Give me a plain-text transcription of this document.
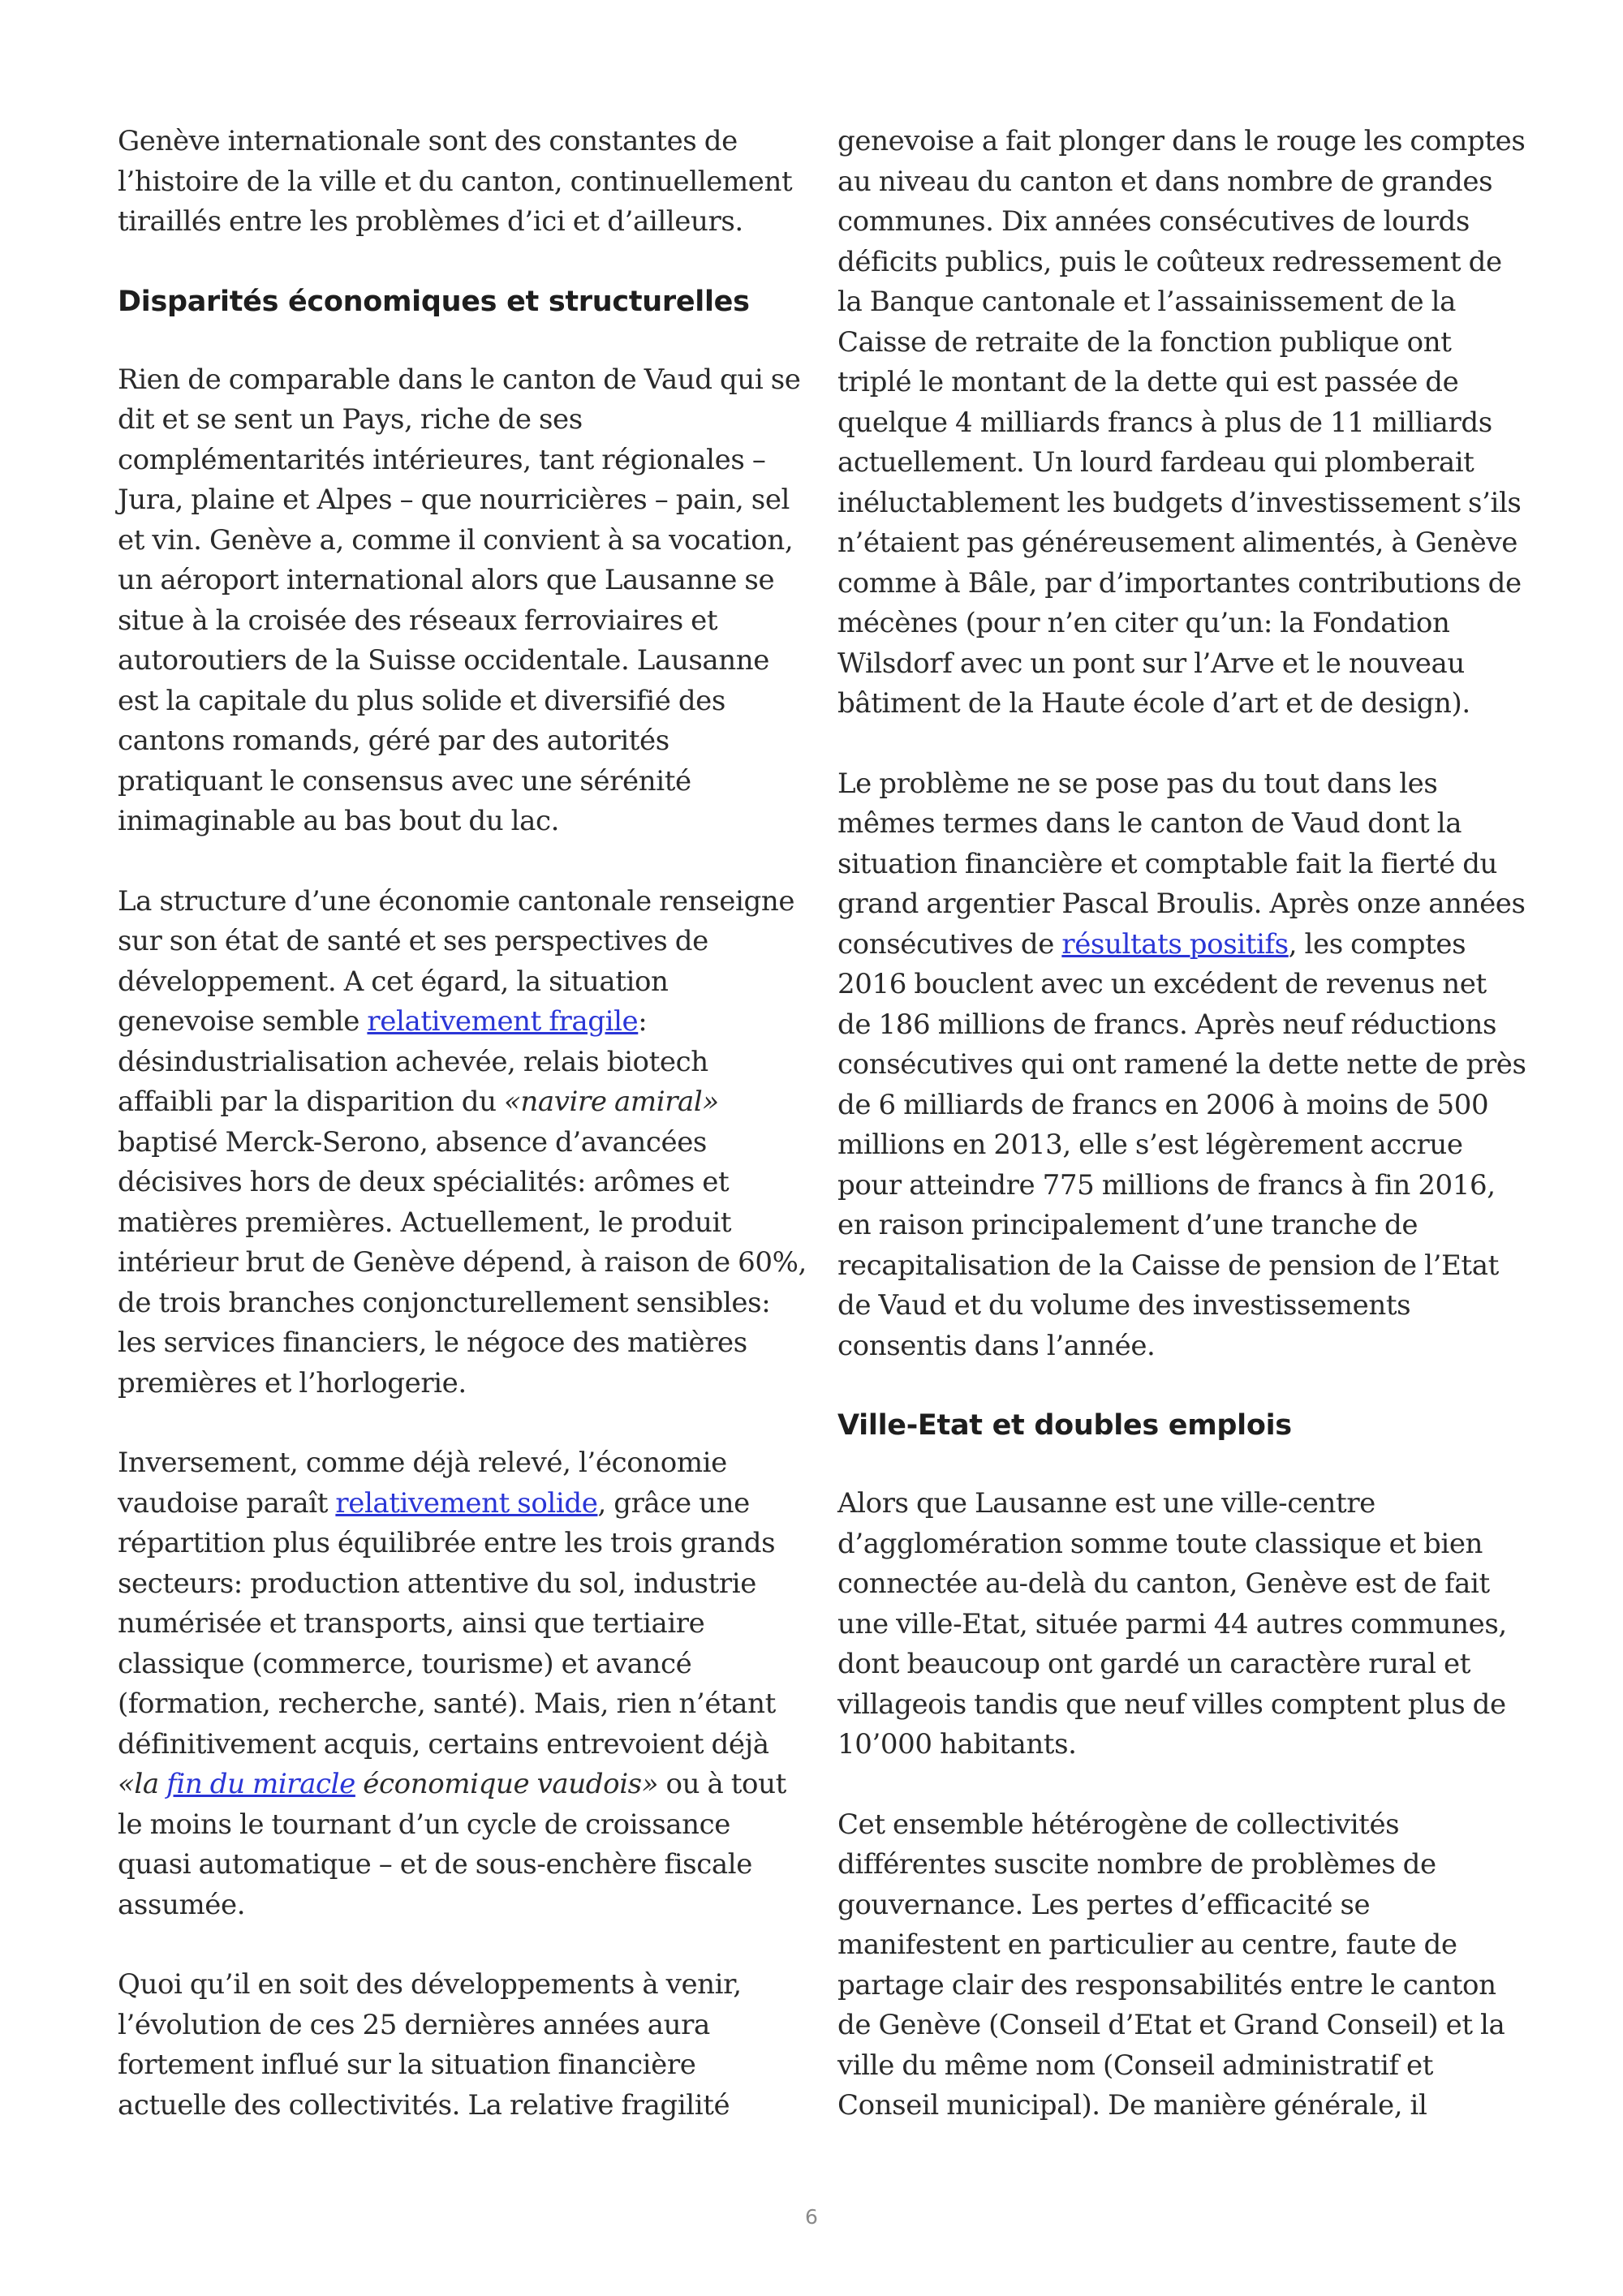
Genève internationale sont des constantes de l’histoire de la ville et du canton, continuellement tiraillés entre les problèmes d’ici et d’ailleurs.

Disparités économiques et structurelles

Rien de comparable dans le canton de Vaud qui se dit et se sent un Pays, riche de ses complémentarités intérieures, tant régionales – Jura, plaine et Alpes – que nourricières – pain, sel et vin. Genève a, comme il convient à sa vocation, un aéroport international alors que Lausanne se situe à la croisée des réseaux ferroviaires et autoroutiers de la Suisse occidentale. Lausanne est la capitale du plus solide et diversifié des cantons romands, géré par des autorités pratiquant le consensus avec une sérénité inimaginable au bas bout du lac.

La structure d’une économie cantonale renseigne sur son état de santé et ses perspectives de développement. A cet égard, la situation genevoise semble relativement fragile: désindustrialisation achevée, relais biotech affaibli par la disparition du «navire amiral» baptisé Merck-Serono, absence d’avancées décisives hors de deux spécialités: arômes et matières premières. Actuellement, le produit intérieur brut de Genève dépend, à raison de 60%, de trois branches conjoncturellement sensibles: les services financiers, le négoce des matières premières et l’horlogerie.

Inversement, comme déjà relevé, l’économie vaudoise paraît relativement solide, grâce une répartition plus équilibrée entre les trois grands secteurs: production attentive du sol, industrie numérisée et transports, ainsi que tertiaire classique (commerce, tourisme) et avancé (formation, recherche, santé). Mais, rien n’étant définitivement acquis, certains entrevoient déjà «la fin du miracle économique vaudois» ou à tout le moins le tournant d’un cycle de croissance quasi automatique – et de sous-enchère fiscale assumée.

Quoi qu’il en soit des développements à venir, l’évolution de ces 25 dernières années aura fortement influé sur la situation financière actuelle des collectivités. La relative fragilité

genevoise a fait plonger dans le rouge les comptes au niveau du canton et dans nombre de grandes communes. Dix années consécutives de lourds déficits publics, puis le coûteux redressement de la Banque cantonale et l’assainissement de la Caisse de retraite de la fonction publique ont triplé le montant de la dette qui est passée de quelque 4 milliards francs à plus de 11 milliards actuellement. Un lourd fardeau qui plomberait inéluctablement les budgets d’investissement s’ils n’étaient pas généreusement alimentés, à Genève comme à Bâle, par d’importantes contributions de mécènes (pour n’en citer qu’un: la Fondation Wilsdorf avec un pont sur l’Arve et le nouveau bâtiment de la Haute école d’art et de design).

Le problème ne se pose pas du tout dans les mêmes termes dans le canton de Vaud dont la situation financière et comptable fait la fierté du grand argentier Pascal Broulis. Après onze années consécutives de résultats positifs, les comptes 2016 bouclent avec un excédent de revenus net de 186 millions de francs. Après neuf réductions consécutives qui ont ramené la dette nette de près de 6 milliards de francs en 2006 à moins de 500 millions en 2013, elle s’est légèrement accrue pour atteindre 775 millions de francs à fin 2016, en raison principalement d’une tranche de recapitalisation de la Caisse de pension de l’Etat de Vaud et du volume des investissements consentis dans l’année.

Ville-Etat et doubles emplois

Alors que Lausanne est une ville-centre d’agglomération somme toute classique et bien connectée au-delà du canton, Genève est de fait une ville-Etat, située parmi 44 autres communes, dont beaucoup ont gardé un caractère rural et villageois tandis que neuf villes comptent plus de 10’000 habitants.

Cet ensemble hétérogène de collectivités différentes suscite nombre de problèmes de gouvernance. Les pertes d’efficacité se manifestent en particulier au centre, faute de partage clair des responsabilités entre le canton de Genève (Conseil d’Etat et Grand Conseil) et la ville du même nom (Conseil administratif et Conseil municipal). De manière générale, il

6
